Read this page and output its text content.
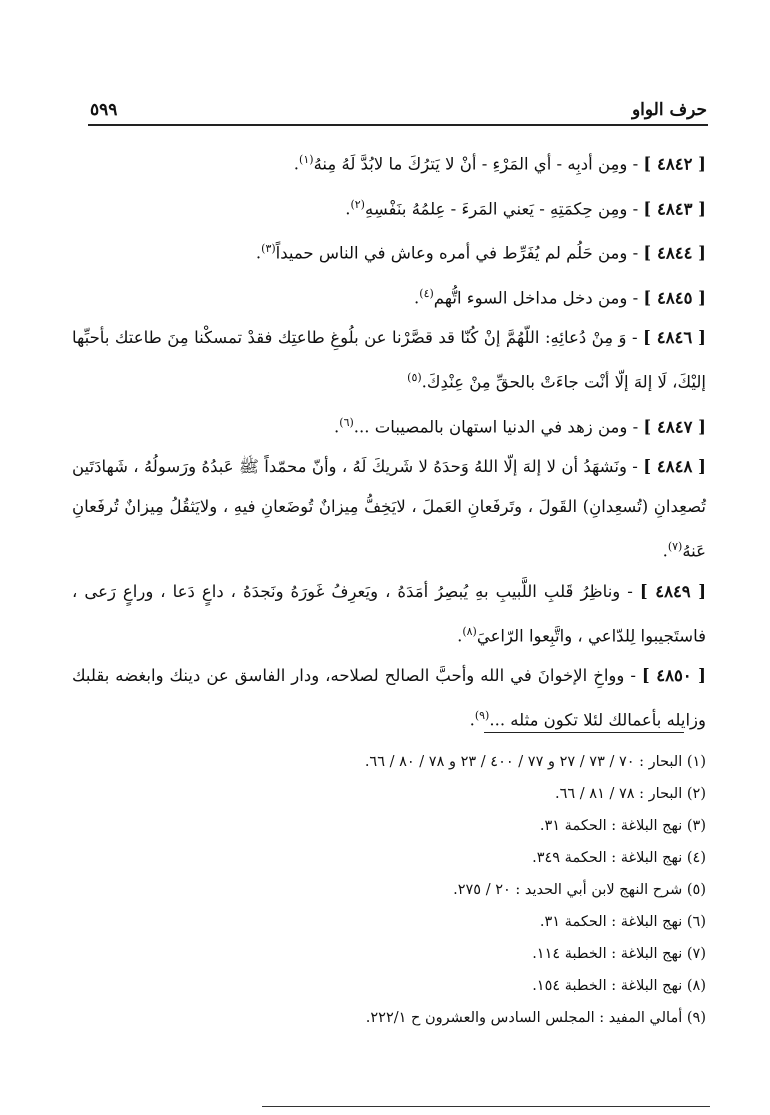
حرف الواو
٥٩٩

[ ٤٨٤٢ ] - ومِن أدبِه - أي المَرْءِ - أنْ لا يَترُكَ ما لابُدَّ لَهُ مِنهُ$^{(١)}$.

[ ٤٨٤٣ ] - ومِن حِكمَتِهِ - يَعني المَرءَ - عِلمُهُ بنَفْسِهِ$^{(٢)}$.

[ ٤٨٤٤ ] - ومن حَلُم لم يُفَرِّط في أمره وعاش في الناس حميداً$^{(٣)}$.

[ ٤٨٤٥ ] - ومن دخل مداخل السوء اتُّهم$^{(٤)}$.

[ ٤٨٤٦ ] - وَ مِنْ دُعائِهِ: اللّهُمَّ إنْ كُنّا قد قصَّرْنا عن بلُوغِ طاعتِك فقدْ تمسكْنا مِنَ طاعتك بأحبِّها إليْكَ، لَا إلهَ إلّا أنْت جاءَتْ بالحقِّ مِنْ عِنْدِكَ.$^{(٥)}$

[ ٤٨٤٧ ] - ومن زهد في الدنيا استهان بالمصيبات ...$^{(٦)}$.

[ ٤٨٤٨ ] - ونَشهَدُ أن لا إلهَ إلّا اللهُ وَحدَهُ لا شَريكَ لَهُ ، وأنّ محمّداً ﷺ عَبدُهُ ورَسولُهُ ، شَهادَتَين تُصعِدانِ (تُسعِدانِ) القَولَ ، وتَرفَعانِ العَملَ ، لايَخِفُّ مِيزانٌ تُوضَعانِ فيهِ ، ولايَثقُلُ مِيزانٌ تُرفَعانِ عَنهُ$^{(٧)}$.

[ ٤٨٤٩ ] - وناظِرُ قَلبِ اللَّبيبِ بهِ يُبصِرُ أمَدَهُ ، ويَعرِفُ غَورَهُ ونَجدَهُ ، داعٍ دَعا ، وراعٍ رَعى ، فاستَجيبوا لِلدّاعي ، واتَّبِعوا الرّاعيَ$^{(٨)}$.

[ ٤٨٥٠ ] - وواخِ الإخوانَ في الله وأحبَّ الصالح لصلاحه، ودار الفاسق عن دينك وابغضه بقلبك وزايله بأعمالك لئلا تكون مثله ...$^{(٩)}$.

(١) البحار : ٧٠ / ٧٣ / ٢٧ و ٧٧ / ٤٠٠ / ٢٣ و ٧٨ / ٨٠ / ٦٦.

(٢) البحار : ٧٨ / ٨١ / ٦٦.

(٣) نهج البلاغة : الحكمة ٣١.

(٤) نهج البلاغة : الحكمة ٣٤٩.

(٥) شرح النهج لابن أبي الحديد : ٢٠ / ٢٧٥.

(٦) نهج البلاغة : الحكمة ٣١.

(٧) نهج البلاغة : الخطبة ١١٤.

(٨) نهج البلاغة : الخطبة ١٥٤.

(٩) أمالي المفيد : المجلس السادس والعشرون ح ٢٢٢/١.
